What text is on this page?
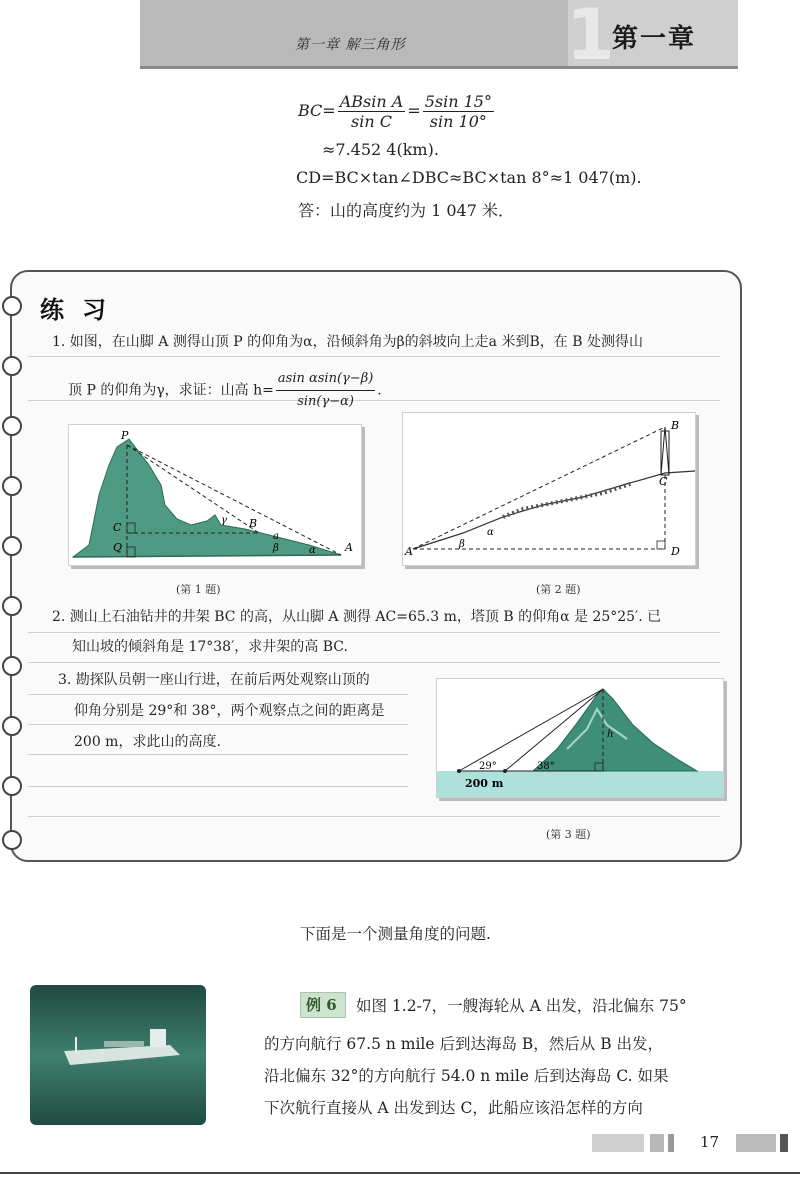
第一章 解三角形 1
第一章
$BC= \frac{\text{ABsin A}}{\text{sin C}} = \frac{5\sin 15^\circ}{\sin 10^\circ}$
≈7.452 4(km).
CD=BC×tan∠DBC≈BC×tan 8°≈1 047(m).
答：山的高度约为 1 047 米．
练习
1. 如图，在山脚 A 测得山顶 P 的仰角为α，沿倾斜角为β的斜坡向上走a 米到B，在 B 处测得山
顶 P 的仰角为γ，求证：山高 $h= \frac{\text{asin αsin(γ−β)}}{\sin(\gamma-\alpha)}$ .
P
C
Q
B
A
γ
a
β	α
(第 1 题)
B
C
A	D
α
β
(第 2 题)
2. 测山上石油钻井的井架 BC 的高，从山脚 A 测得 AC=65.3 m，塔顶 B 的仰角α 是 25°25′. 已
知山坡的倾斜角是 17°38′，求井架的高 BC.
3. 勘探队员朝一座山行进，在前后两处观察山顶的
仰角分别是 29°和 38°，两个观察点之间的距离是
200 m，求此山的高度.	h
29°	38°
200 m
(第 3 题)
下面是一个测量角度的问题.
例 6 如图 1.2-7，一艘海轮从 A 出发，沿北偏东 75°
的方向航行 67.5 n mile 后到达海岛 B，然后从 B 出发，
沿北偏东 32°的方向航行 54.0 n mile 后到达海岛 C. 如果
下次航行直接从 A 出发到达 C，此船应该沿怎样的方向
17
